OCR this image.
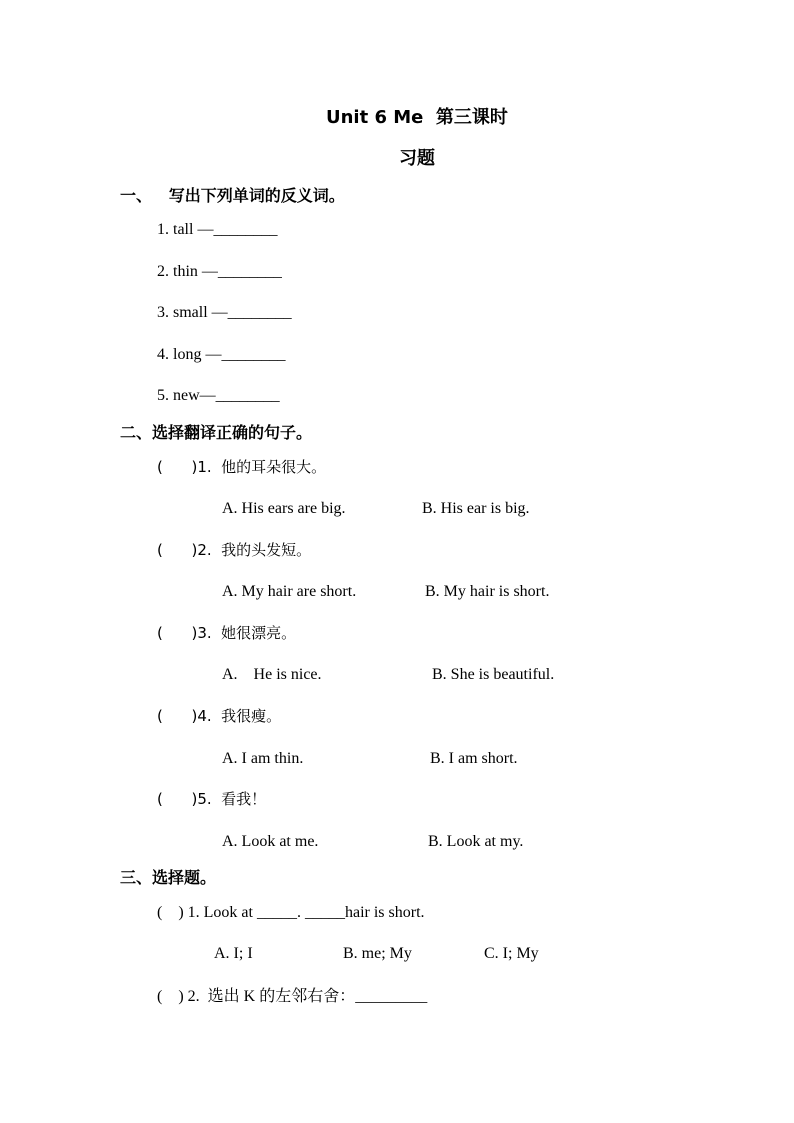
Unit 6 Me  第三课时
习题
一、   写出下列单词的反义词。
1. tall —________
2. thin —________
3. small —________
4. long —________
5. new—________
二、选择翻译正确的句子。
(      )1.  他的耳朵很大。
A. His ears are big.	B. His ear is big.
(      )2.  我的头发短。
A. My hair are short.	B. My hair is short.
(      )3.  她很漂亮。
A.    He is nice.	B. She is beautiful.
(      )4.  我很瘦。
A. I am thin.	B. I am short.
(      )5.  看我！
A. Look at me.	B. Look at my.
三、选择题。
(    ) 1. Look at _____. _____hair is short.
A. I; I	B. me; My	C. I; My
(    ) 2.  选出 K 的左邻右舍：_________
